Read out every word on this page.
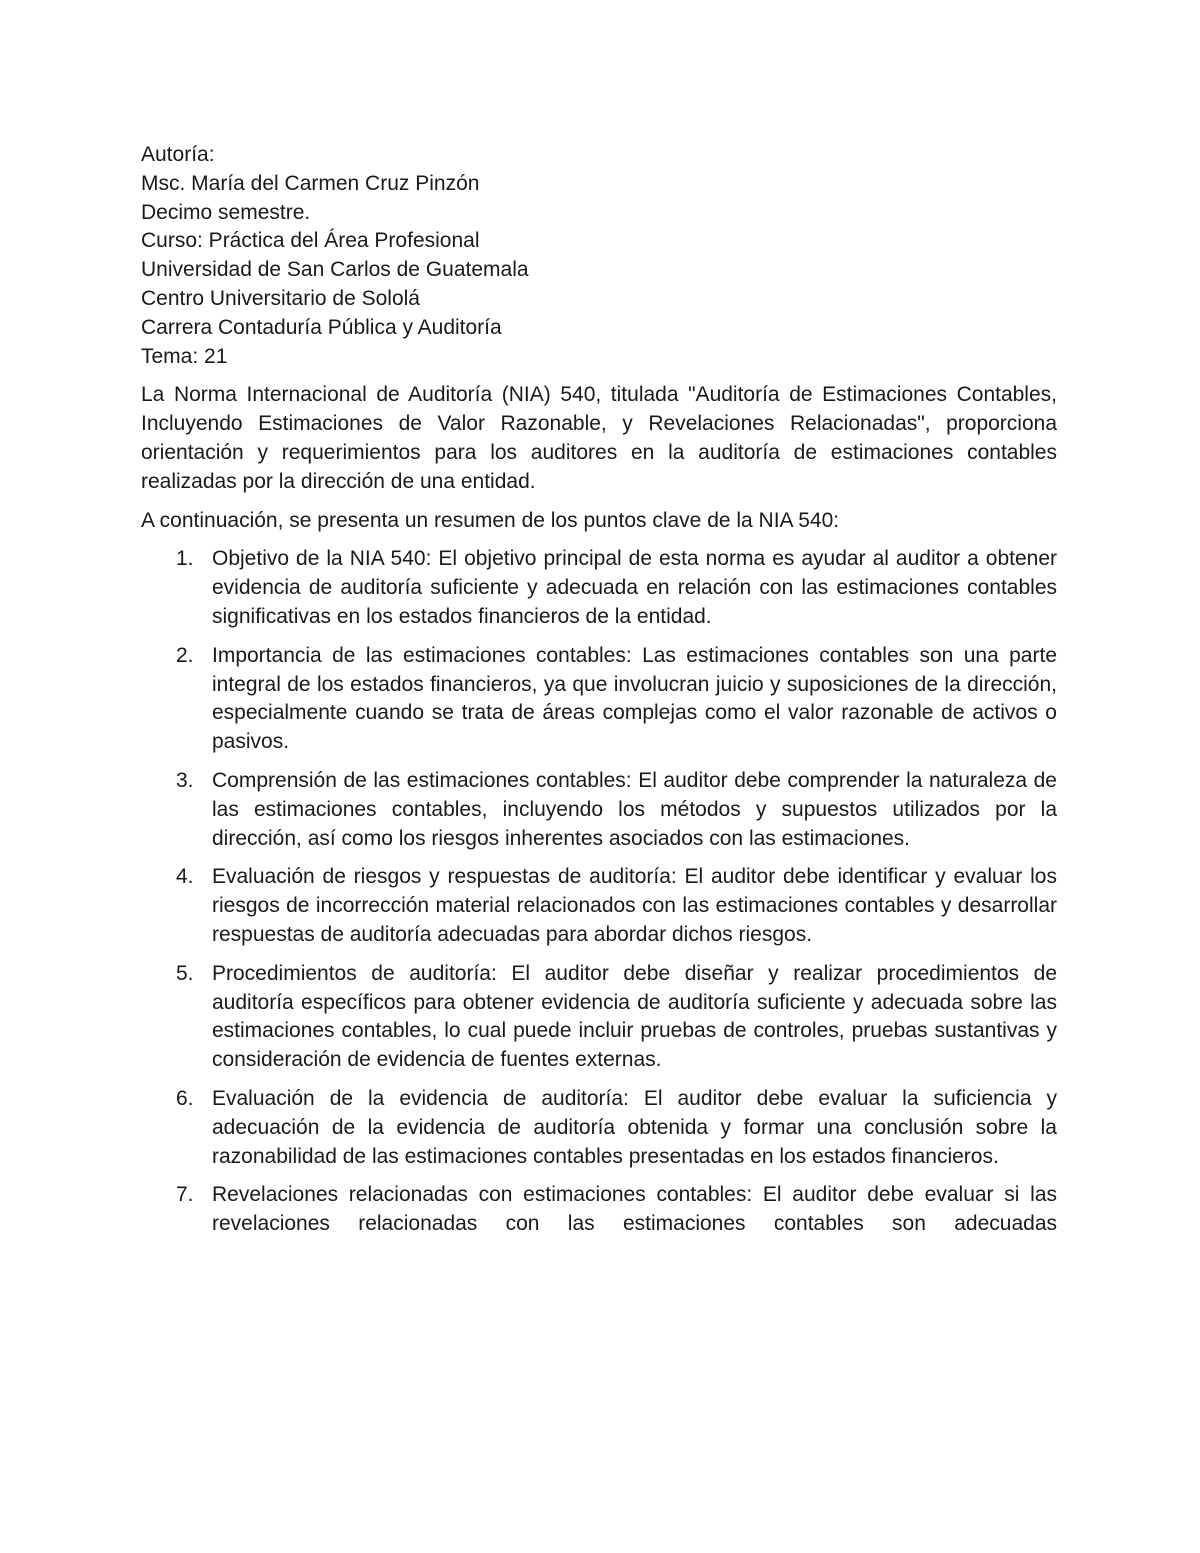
Autoría:

Msc. María del Carmen Cruz Pinzón

Decimo semestre.

Curso: Práctica del Área Profesional

Universidad de San Carlos de Guatemala

Centro Universitario de Sololá

Carrera Contaduría Pública y Auditoría

Tema: 21

La Norma Internacional de Auditoría (NIA) 540, titulada "Auditoría de Estimaciones Contables, Incluyendo Estimaciones de Valor Razonable, y Revelaciones Relacionadas", proporciona orientación y requerimientos para los auditores en la auditoría de estimaciones contables realizadas por la dirección de una entidad.

A continuación, se presenta un resumen de los puntos clave de la NIA 540:

1. Objetivo de la NIA 540: El objetivo principal de esta norma es ayudar al auditor a obtener evidencia de auditoría suficiente y adecuada en relación con las estimaciones contables significativas en los estados financieros de la entidad.
2. Importancia de las estimaciones contables: Las estimaciones contables son una parte integral de los estados financieros, ya que involucran juicio y suposiciones de la dirección, especialmente cuando se trata de áreas complejas como el valor razonable de activos o pasivos.
3. Comprensión de las estimaciones contables: El auditor debe comprender la naturaleza de las estimaciones contables, incluyendo los métodos y supuestos utilizados por la dirección, así como los riesgos inherentes asociados con las estimaciones.
4. Evaluación de riesgos y respuestas de auditoría: El auditor debe identificar y evaluar los riesgos de incorrección material relacionados con las estimaciones contables y desarrollar respuestas de auditoría adecuadas para abordar dichos riesgos.
5. Procedimientos de auditoría: El auditor debe diseñar y realizar procedimientos de auditoría específicos para obtener evidencia de auditoría suficiente y adecuada sobre las estimaciones contables, lo cual puede incluir pruebas de controles, pruebas sustantivas y consideración de evidencia de fuentes externas.
6. Evaluación de la evidencia de auditoría: El auditor debe evaluar la suficiencia y adecuación de la evidencia de auditoría obtenida y formar una conclusión sobre la razonabilidad de las estimaciones contables presentadas en los estados financieros.
7. Revelaciones relacionadas con estimaciones contables: El auditor debe evaluar si las revelaciones relacionadas con las estimaciones contables son adecuadas
